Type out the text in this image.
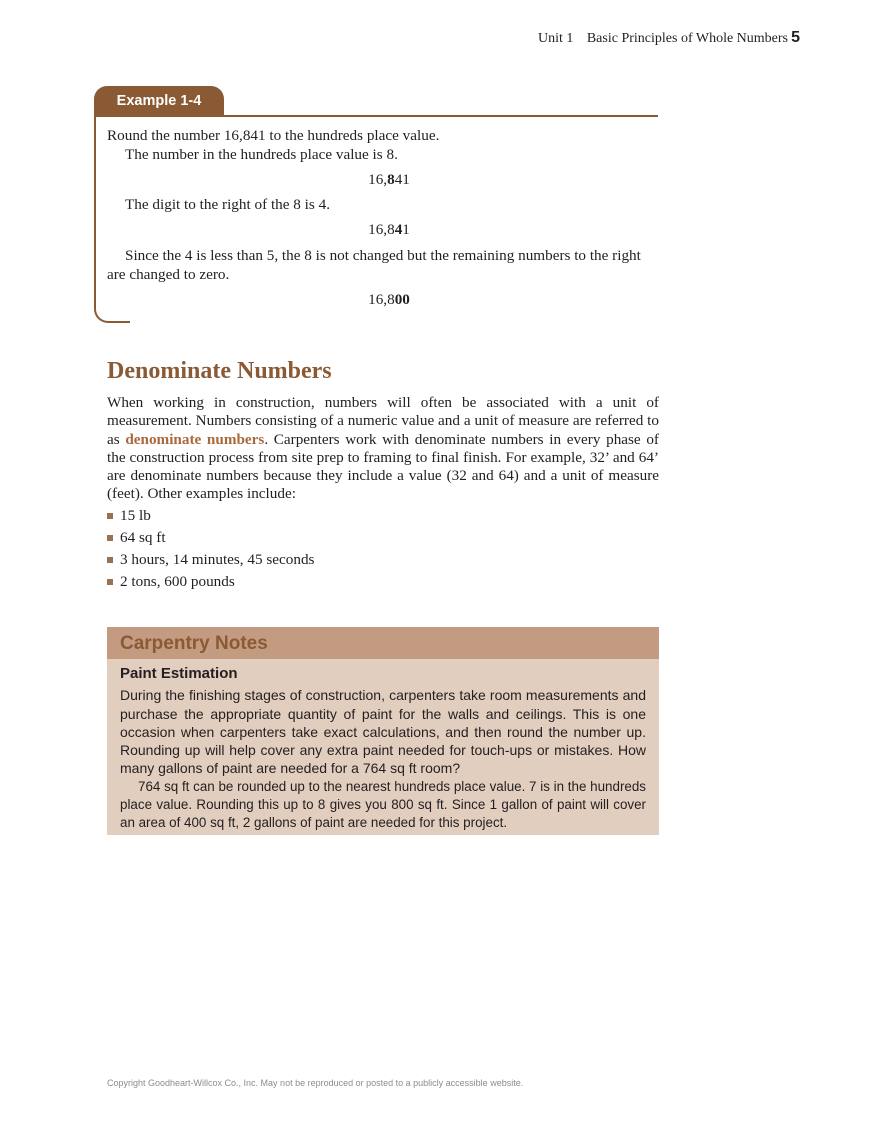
Unit 1 Basic Principles of Whole Numbers 5
Example 1-4

Round the number 16,841 to the hundreds place value.

The number in the hundreds place value is 8.

16,841

The digit to the right of the 8 is 4.

16,841

Since the 4 is less than 5, the 8 is not changed but the remaining numbers to the right are changed to zero.

16,800

Denominate Numbers

When working in construction, numbers will often be associated with a unit of measurement. Numbers consisting of a numeric value and a unit of measure are referred to as denominate numbers. Carpenters work with denominate numbers in every phase of the construction process from site prep to framing to final finish. For example, 32’ and 64’ are denominate numbers because they include a value (32 and 64) and a unit of measure (feet). Other examples include:

15 lb
64 sq ft
3 hours, 14 minutes, 45 seconds
2 tons, 600 pounds
Carpentry Notes
Paint Estimation

During the finishing stages of construction, carpenters take room measurements and purchase the appropriate quantity of paint for the walls and ceilings. This is one occasion when carpenters take exact calculations, and then round the number up. Rounding up will help cover any extra paint needed for touch-ups or mistakes. How many gallons of paint are needed for a 764 sq ft room?

764 sq ft can be rounded up to the nearest hundreds place value. 7 is in the hundreds place value. Rounding this up to 8 gives you 800 sq ft. Since 1 gallon of paint will cover an area of 400 sq ft, 2 gallons of paint are needed for this project.

Copyright Goodheart-Willcox Co., Inc. May not be reproduced or posted to a publicly accessible website.
